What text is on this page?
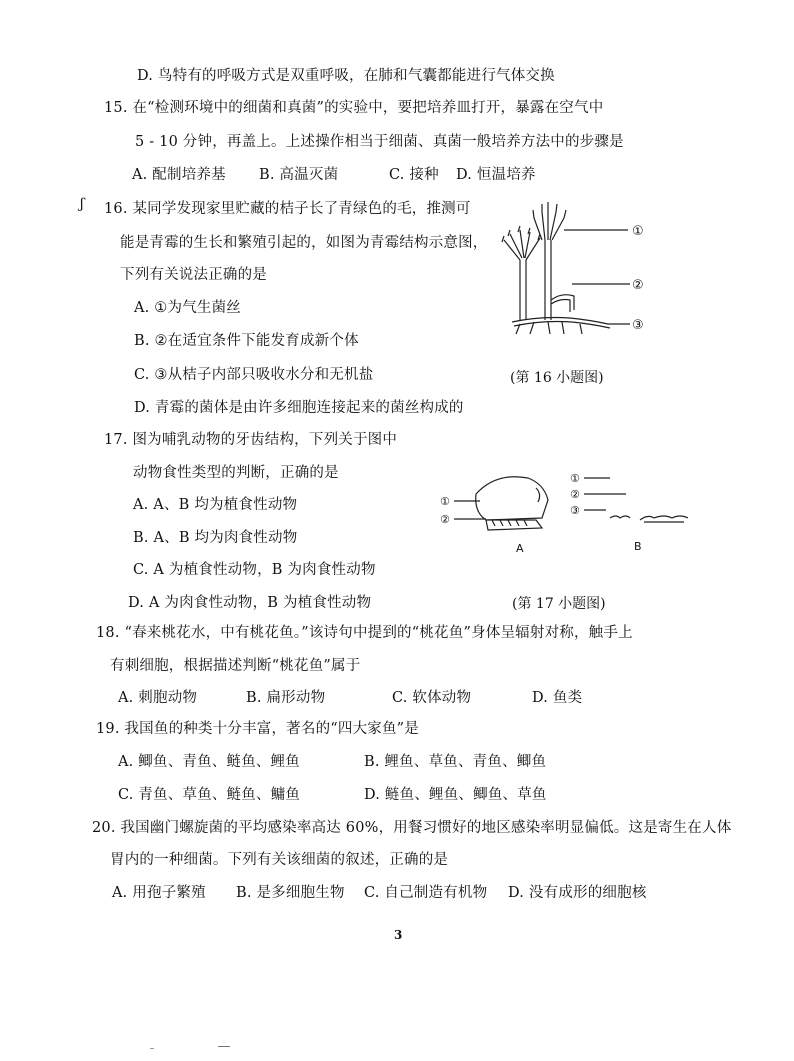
D. 鸟特有的呼吸方式是双重呼吸，在肺和气囊都能进行气体交换
15. 在“检测环境中的细菌和真菌”的实验中，要把培养皿打开，暴露在空气中
5 - 10 分钟，再盖上。上述操作相当于细菌、真菌一般培养方法中的步骤是
A. 配制培养基 B. 高温灭菌	C. 接种 D. 恒温培养
ʃ 16. 某同学发现家里贮藏的桔子长了青绿色的毛，推测可
能是青霉的生长和繁殖引起的，如图为青霉结构示意图，
下列有关说法正确的是
A. ①为气生菌丝
B. ②在适宜条件下能发育成新个体
C. ③从桔子内部只吸收水分和无机盐
D. 青霉的菌体是由许多细胞连接起来的菌丝构成的
①
②
③
(第 16 小题图)
17. 图为哺乳动物的牙齿结构，下列关于图中
动物食性类型的判断，正确的是
A. A、B 均为植食性动物
B. A、B 均为肉食性动物
C. A 为植食性动物，B 为肉食性动物
D. A 为肉食性动物，B 为植食性动物
①
②
A
①
②
③
B
(第 17 小题图)
18. “春来桃花水，中有桃花鱼。”该诗句中提到的“桃花鱼”身体呈辐射对称，触手上
有刺细胞，根据描述判断“桃花鱼”属于
A. 刺胞动物	B. 扁形动物	C. 软体动物	D. 鱼类
19. 我国鱼的种类十分丰富，著名的“四大家鱼”是
A. 鲫鱼、青鱼、鲢鱼、鲤鱼	B. 鲤鱼、草鱼、青鱼、鲫鱼
C. 青鱼、草鱼、鲢鱼、鳙鱼	D. 鲢鱼、鲤鱼、鲫鱼、草鱼
20. 我国幽门螺旋菌的平均感染率高达 60%，用餐习惯好的地区感染率明显偏低。这是寄生在人体
胃内的一种细菌。下列有关该细菌的叙述，正确的是
A. 用孢子繁殖 B. 是多细胞生物 C. 自己制造有机物 D. 没有成形的细胞核
3
